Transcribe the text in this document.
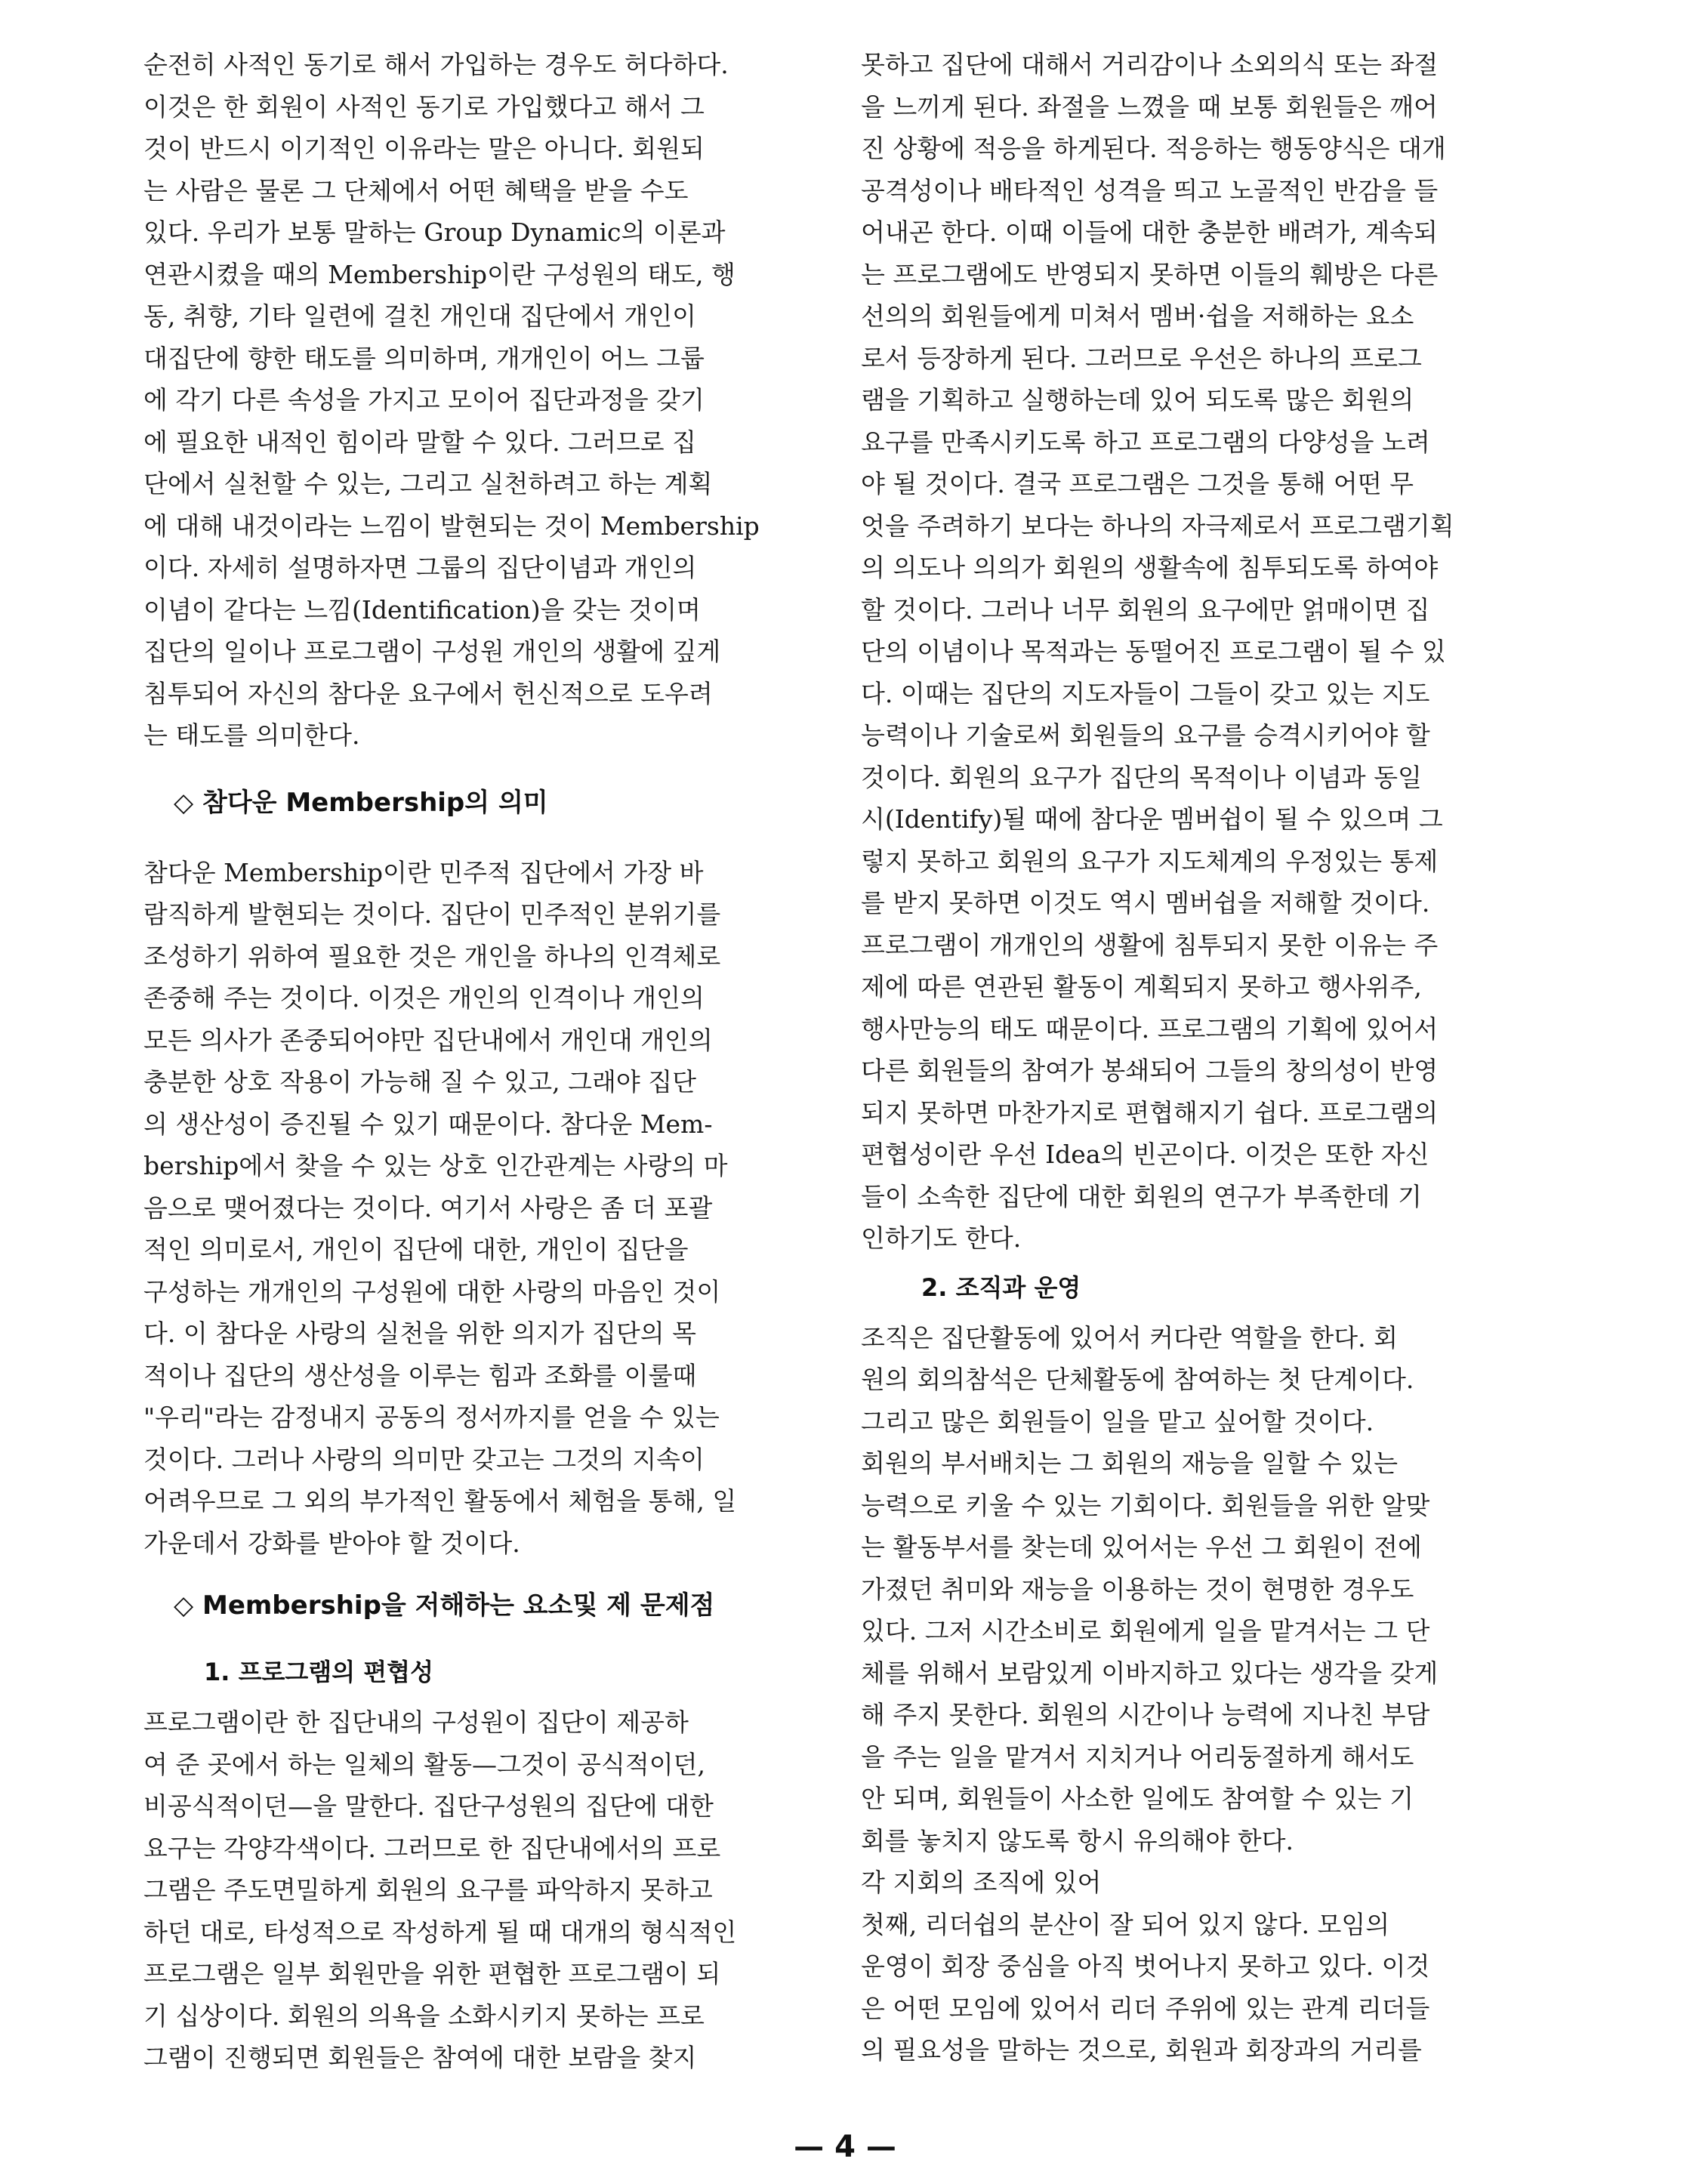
순전히 사적인 동기로 해서 가입하는 경우도 허다하다.
이것은 한 회원이 사적인 동기로 가입했다고 해서 그
것이 반드시 이기적인 이유라는 말은 아니다. 회원되
는 사람은 물론 그 단체에서 어떤 혜택을 받을 수도
있다. 우리가 보통 말하는 Group Dynamic의 이론과
연관시켰을 때의 Membership이란 구성원의 태도, 행
동, 취향, 기타 일련에 걸친 개인대 집단에서 개인이
대집단에 향한 태도를 의미하며, 개개인이 어느 그룹
에 각기 다른 속성을 가지고 모이어 집단과정을 갖기
에 필요한 내적인 힘이라 말할 수 있다. 그러므로 집
단에서 실천할 수 있는, 그리고 실천하려고 하는 계획
에 대해 내것이라는 느낌이 발현되는 것이 Membership
이다. 자세히 설명하자면 그룹의 집단이념과 개인의
이념이 같다는 느낌(Identification)을 갖는 것이며
집단의 일이나 프로그램이 구성원 개인의 생활에 깊게
침투되어 자신의 참다운 요구에서 헌신적으로 도우려
는 태도를 의미한다.
◇ 참다운 Membership의 의미
참다운 Membership이란 민주적 집단에서 가장 바
람직하게 발현되는 것이다. 집단이 민주적인 분위기를
조성하기 위하여 필요한 것은 개인을 하나의 인격체로
존중해 주는 것이다. 이것은 개인의 인격이나 개인의
모든 의사가 존중되어야만 집단내에서 개인대 개인의
충분한 상호 작용이 가능해 질 수 있고, 그래야 집단
의 생산성이 증진될 수 있기 때문이다. 참다운 Mem-
bership에서 찾을 수 있는 상호 인간관계는 사랑의 마
음으로 맺어졌다는 것이다. 여기서 사랑은 좀 더 포괄
적인 의미로서, 개인이 집단에 대한, 개인이 집단을
구성하는 개개인의 구성원에 대한 사랑의 마음인 것이
다. 이 참다운 사랑의 실천을 위한 의지가 집단의 목
적이나 집단의 생산성을 이루는 힘과 조화를 이룰때
"우리"라는 감정내지 공동의 정서까지를 얻을 수 있는
것이다. 그러나 사랑의 의미만 갖고는 그것의 지속이
어려우므로 그 외의 부가적인 활동에서 체험을 통해, 일
가운데서 강화를 받아야 할 것이다.
◇ Membership을 저해하는 요소및 제 문제점
1. 프로그램의 편협성
프로그램이란 한 집단내의 구성원이 집단이 제공하
여 준 곳에서 하는 일체의 활동—그것이 공식적이던,
비공식적이던—을 말한다. 집단구성원의 집단에 대한
요구는 각양각색이다. 그러므로 한 집단내에서의 프로
그램은 주도면밀하게 회원의 요구를 파악하지 못하고
하던 대로, 타성적으로 작성하게 될 때 대개의 형식적인
프로그램은 일부 회원만을 위한 편협한 프로그램이 되
기 십상이다. 회원의 의욕을 소화시키지 못하는 프로
그램이 진행되면 회원들은 참여에 대한 보람을 찾지
못하고 집단에 대해서 거리감이나 소외의식 또는 좌절
을 느끼게 된다. 좌절을 느꼈을 때 보통 회원들은 깨어
진 상황에 적응을 하게된다. 적응하는 행동양식은 대개
공격성이나 배타적인 성격을 띄고 노골적인 반감을 들
어내곤 한다. 이때 이들에 대한 충분한 배려가, 계속되
는 프로그램에도 반영되지 못하면 이들의 훼방은 다른
선의의 회원들에게 미쳐서 멤버·쉽을 저해하는 요소
로서 등장하게 된다. 그러므로 우선은 하나의 프로그
램을 기획하고 실행하는데 있어 되도록 많은 회원의
요구를 만족시키도록 하고 프로그램의 다양성을 노려
야 될 것이다. 결국 프로그램은 그것을 통해 어떤 무
엇을 주려하기 보다는 하나의 자극제로서 프로그램기획
의 의도나 의의가 회원의 생활속에 침투되도록 하여야
할 것이다. 그러나 너무 회원의 요구에만 얽매이면 집
단의 이념이나 목적과는 동떨어진 프로그램이 될 수 있
다. 이때는 집단의 지도자들이 그들이 갖고 있는 지도
능력이나 기술로써 회원들의 요구를 승격시키어야 할
것이다. 회원의 요구가 집단의 목적이나 이념과 동일
시(Identify)될 때에 참다운 멤버쉽이 될 수 있으며 그
렇지 못하고 회원의 요구가 지도체계의 우정있는 통제
를 받지 못하면 이것도 역시 멤버쉽을 저해할 것이다.
프로그램이 개개인의 생활에 침투되지 못한 이유는 주
제에 따른 연관된 활동이 계획되지 못하고 행사위주,
행사만능의 태도 때문이다. 프로그램의 기획에 있어서
다른 회원들의 참여가 봉쇄되어 그들의 창의성이 반영
되지 못하면 마찬가지로 편협해지기 쉽다. 프로그램의
편협성이란 우선 Idea의 빈곤이다. 이것은 또한 자신
들이 소속한 집단에 대한 회원의 연구가 부족한데 기
인하기도 한다.
2. 조직과 운영
조직은 집단활동에 있어서 커다란 역할을 한다. 회
원의 회의참석은 단체활동에 참여하는 첫 단계이다.
그리고 많은 회원들이 일을 맡고 싶어할 것이다.
회원의 부서배치는 그 회원의 재능을 일할 수 있는
능력으로 키울 수 있는 기회이다. 회원들을 위한 알맞
는 활동부서를 찾는데 있어서는 우선 그 회원이 전에
가졌던 취미와 재능을 이용하는 것이 현명한 경우도
있다. 그저 시간소비로 회원에게 일을 맡겨서는 그 단
체를 위해서 보람있게 이바지하고 있다는 생각을 갖게
해 주지 못한다. 회원의 시간이나 능력에 지나친 부담
을 주는 일을 맡겨서 지치거나 어리둥절하게 해서도
안 되며, 회원들이 사소한 일에도 참여할 수 있는 기
회를 놓치지 않도록 항시 유의해야 한다.
각 지회의 조직에 있어
첫째, 리더쉽의 분산이 잘 되어 있지 않다. 모임의
운영이 회장 중심을 아직 벗어나지 못하고 있다. 이것
은 어떤 모임에 있어서 리더 주위에 있는 관계 리더들
의 필요성을 말하는 것으로, 회원과 회장과의 거리를
— 4 —
